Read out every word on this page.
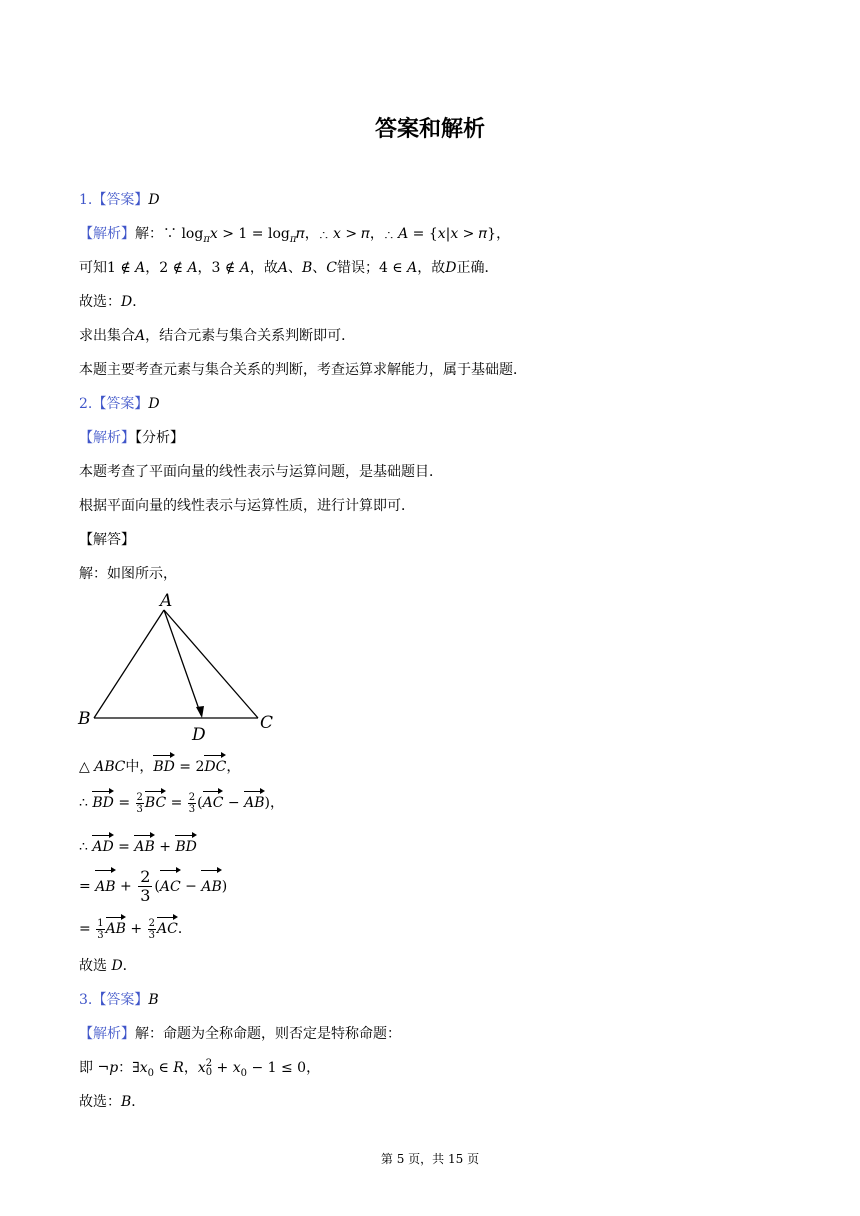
答案和解析
1.【答案】D
【解析】解：∵ $\log_𝜋𝑥 > 1$ = $\log_𝜋𝜋$，∴ 𝑥 > 𝜋，∴ 𝐴 = {𝑥|𝑥 > 𝜋}，
可知1 ∉ 𝐴，2 ∉ 𝐴，3 ∉ 𝐴，故𝐴、𝐵、𝐶错误；4 ∈ 𝐴，故𝐷正确．
故选：𝐷．
求出集合𝐴，结合元素与集合关系判断即可．
本题主要考查元素与集合关系的判断，考查运算求解能力，属于基础题．
2.【答案】D
【解析】【分析】
本题考查了平面向量的线性表示与运算问题，是基础题目．
根据平面向量的线性表示与运算性质，进行计算即可．
【解答】
解：如图所示，
A
B	C
D
△ 𝐴𝐵𝐶中，BD = 2DC，
∴ BD = $\frac{2}{3}$ BC = $\frac{2}{3} (AC - AB)$，
∴ AD = AB + BD
= AB + $\frac{2}{3} (AC - AB)$
= $\frac{1}{3}$ AB + $\frac{2}{3}$ AC．
故选 𝐷．
3.【答案】B
【解析】解：命题为全称命题，则否定是特称命题：
即 ¬𝑝：∃𝑥$_0$ ∈ 𝑅，𝑥 2
0 + 𝑥$_0$ − 1 ≤ 0，
故选：𝐵．
第 5 页，共 15 页
